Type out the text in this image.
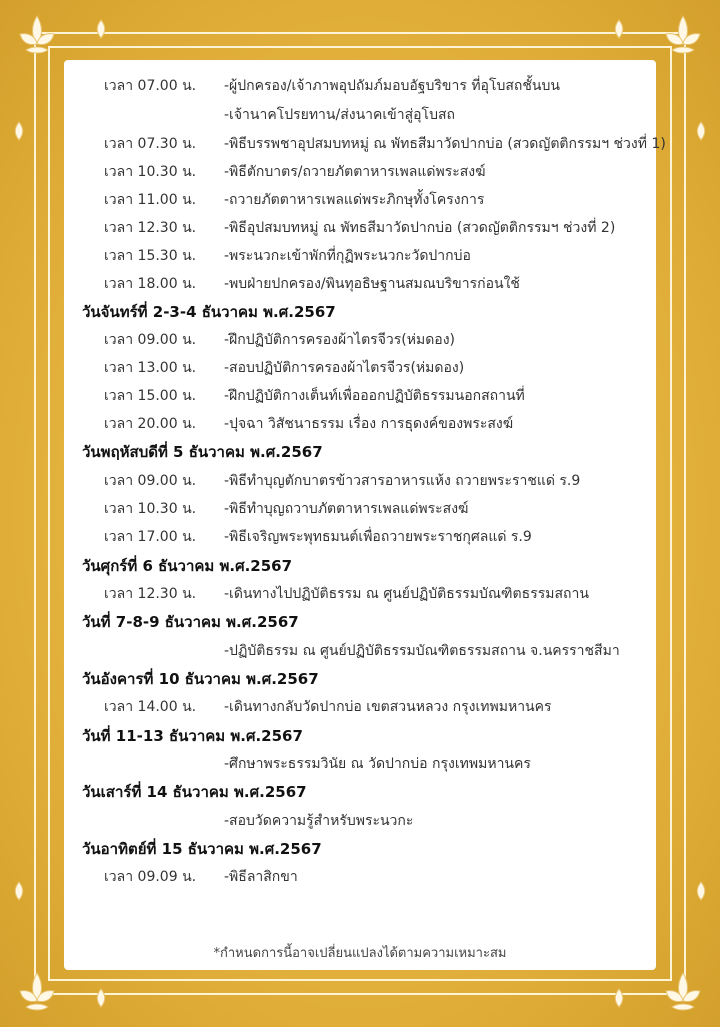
เวลา 07.00 น.	-ผู้ปกครอง/เจ้าภาพอุปถัมภ์มอบอัฐบริขาร ที่อุโบสถชั้นบน
-เจ้านาคโปรยทาน/ส่งนาคเข้าสู่อุโบสถ
เวลา 07.30 น.	-พิธีบรรพชาอุปสมบทหมู่ ณ พัทธสีมาวัดปากบ่อ (สวดญัตติกรรมฯ ช่วงที่ 1)
เวลา 10.30 น.	-พิธีตักบาตร/ถวายภัตตาหารเพลแด่พระสงฆ์
เวลา 11.00 น.	-ถวายภัตตาหารเพลแด่พระภิกษุทั้งโครงการ
เวลา 12.30 น.	-พิธีอุปสมบทหมู่ ณ พัทธสีมาวัดปากบ่อ (สวดญัตติกรรมฯ ช่วงที่ 2)
เวลา 15.30 น.	-พระนวกะเข้าพักที่กุฏิพระนวกะวัดปากบ่อ
เวลา 18.00 น.	-พบฝ่ายปกครอง/พินทุอธิษฐานสมณบริขารก่อนใช้
วันจันทร์ที่ 2-3-4 ธันวาคม พ.ศ.2567
เวลา 09.00 น.	-ฝึกปฏิบัติการครองผ้าไตรจีวร(ห่มดอง)
เวลา 13.00 น.	-สอบปฏิบัติการครองผ้าไตรจีวร(ห่มดอง)
เวลา 15.00 น.	-ฝึกปฏิบัติกางเต็นท์เพื่อออกปฏิบัติธรรมนอกสถานที่
เวลา 20.00 น.	-ปุจฉา วิสัชนาธรรม เรื่อง การธุดงค์ของพระสงฆ์
วันพฤหัสบดีที่ 5 ธันวาคม พ.ศ.2567
เวลา 09.00 น.	-พิธีทำบุญตักบาตรข้าวสารอาหารแห้ง ถวายพระราชแด่ ร.9
เวลา 10.30 น.	-พิธีทำบุญถวาบภัตตาหารเพลแด่พระสงฆ์
เวลา 17.00 น.	-พิธีเจริญพระพุทธมนต์เพื่อถวายพระราชกุศลแด่ ร.9
วันศุกร์ที่ 6 ธันวาคม พ.ศ.2567
เวลา 12.30 น.	-เดินทางไปปฏิบัติธรรม ณ ศูนย์ปฏิบัติธรรมบัณฑิตธรรมสถาน
วันที่ 7-8-9 ธันวาคม พ.ศ.2567
-ปฏิบัติธรรม ณ ศูนย์ปฏิบัติธรรมบัณฑิตธรรมสถาน จ.นครราชสีมา
วันอังคารที่ 10 ธันวาคม พ.ศ.2567
เวลา 14.00 น.	-เดินทางกลับวัดปากบ่อ เขตสวนหลวง กรุงเทพมหานคร
วันที่ 11-13 ธันวาคม พ.ศ.2567
-ศึกษาพระธรรมวินัย ณ วัดปากบ่อ กรุงเทพมหานคร
วันเสาร์ที่ 14 ธันวาคม พ.ศ.2567
-สอบวัดความรู้สำหรับพระนวกะ
วันอาทิตย์ที่ 15 ธันวาคม พ.ศ.2567
เวลา 09.09 น.	-พิธีลาสิกขา
*กำหนดการนี้อาจเปลี่ยนแปลงได้ตามความเหมาะสม
